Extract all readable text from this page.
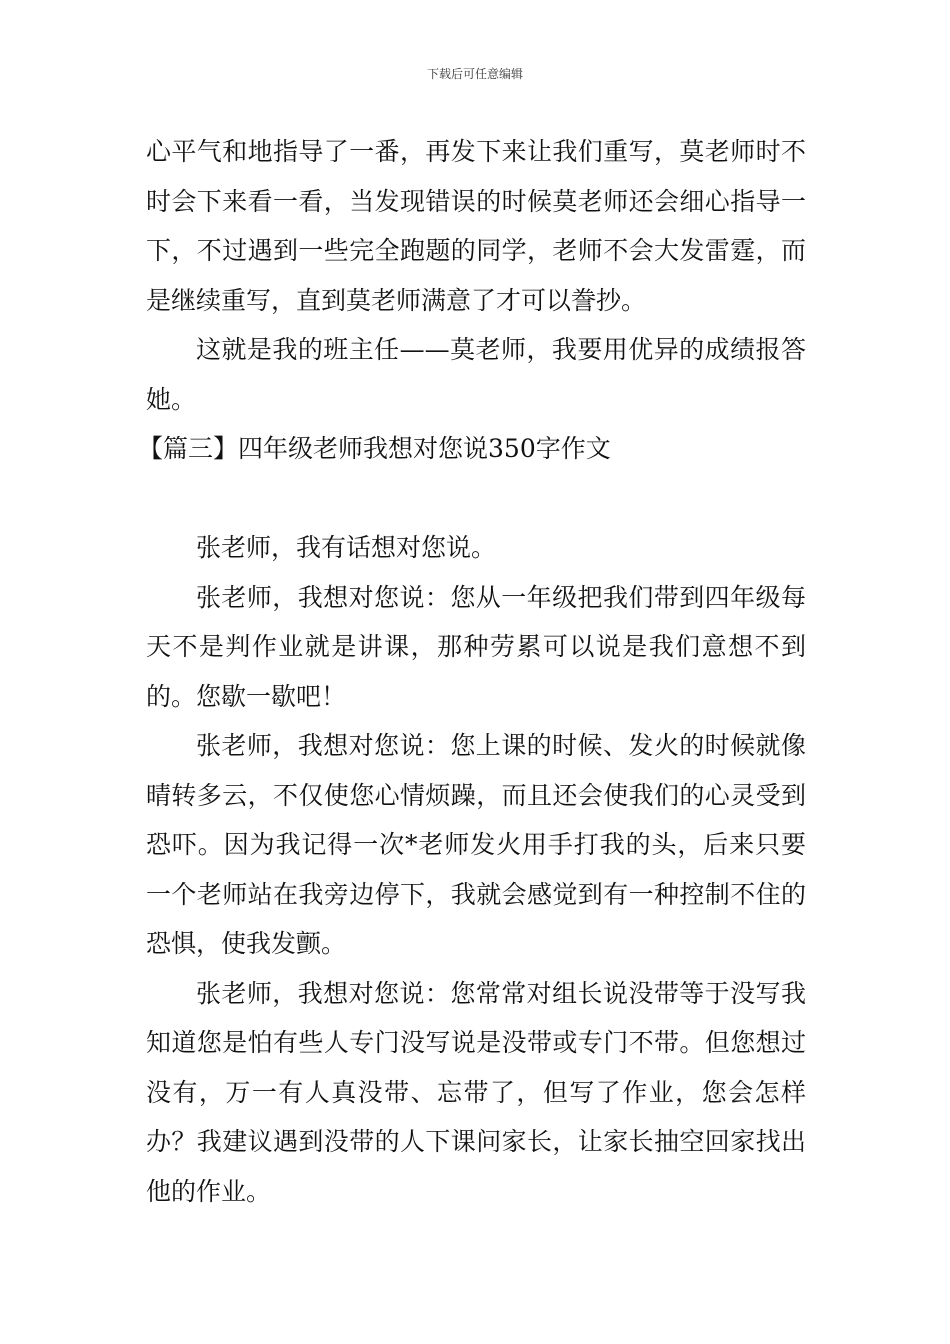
下载后可任意编辑

心平气和地指导了一番，再发下来让我们重写，莫老师时不时会下来看一看，当发现错误的时候莫老师还会细心指导一下，不过遇到一些完全跑题的同学，老师不会大发雷霆，而是继续重写，直到莫老师满意了才可以誊抄。

这就是我的班主任——莫老师，我要用优异的成绩报答她。

【篇三】四年级老师我想对您说350字作文

张老师，我有话想对您说。

张老师，我想对您说：您从一年级把我们带到四年级每天不是判作业就是讲课，那种劳累可以说是我们意想不到的。您歇一歇吧！

张老师，我想对您说：您上课的时候、发火的时候就像晴转多云，不仅使您心情烦躁，而且还会使我们的心灵受到恐吓。因为我记得一次*老师发火用手打我的头，后来只要一个老师站在我旁边停下，我就会感觉到有一种控制不住的恐惧，使我发颤。

张老师，我想对您说：您常常对组长说没带等于没写我知道您是怕有些人专门没写说是没带或专门不带。但您想过没有，万一有人真没带、忘带了，但写了作业，您会怎样办？我建议遇到没带的人下课问家长，让家长抽空回家找出他的作业。
